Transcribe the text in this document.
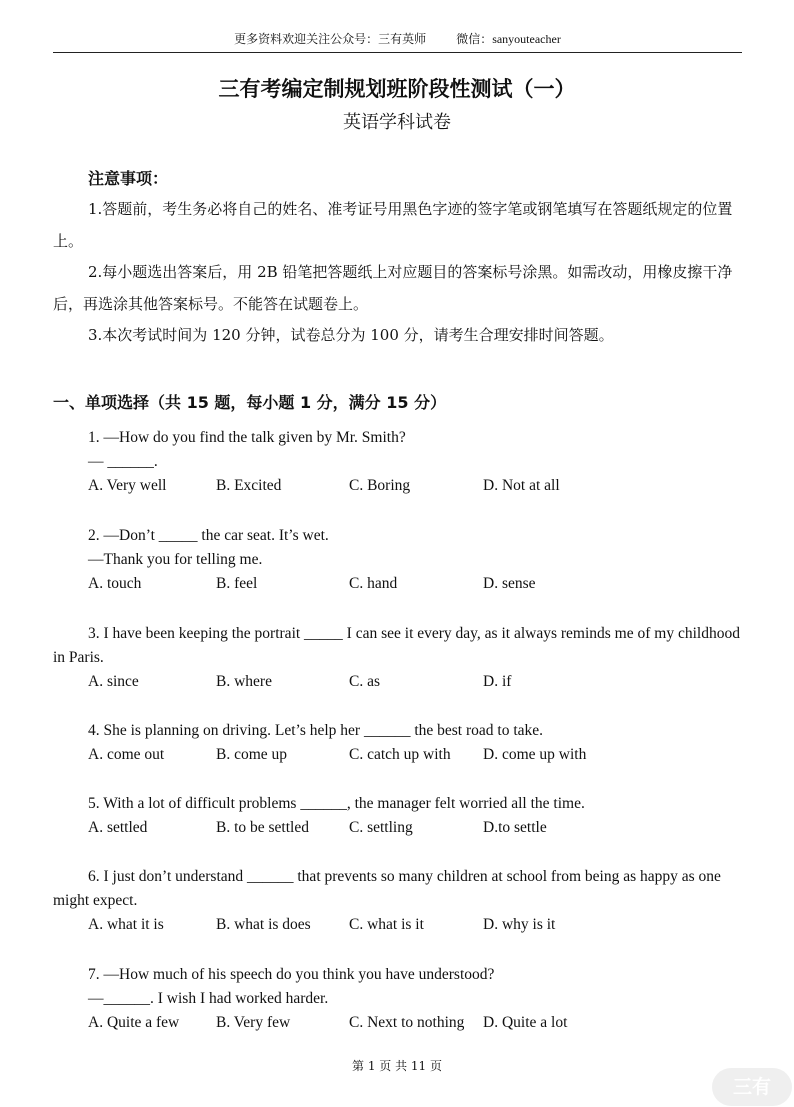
更多资料欢迎关注公众号：三有英师	微信：sanyouteacher
三有考编定制规划班阶段性测试（一）
英语学科试卷
注意事项：
1.答题前，考生务必将自己的姓名、准考证号用黑色字迹的签字笔或钢笔填写在答题纸规定的位置上。
2.每小题选出答案后，用 2B 铅笔把答题纸上对应题目的答案标号涂黑。如需改动，用橡皮擦干净后，再选涂其他答案标号。不能答在试题卷上。
3.本次考试时间为 120 分钟，试卷总分为 100 分，请考生合理安排时间答题。
一、单项选择（共 15 题，每小题 1 分，满分 15 分）
1. —How do you find the talk given by Mr. Smith?
— ______.
A. Very well	B. Excited	C. Boring	D. Not at all
2. —Don’t _____ the car seat. It’s wet.
—Thank you for telling me.
A. touch	B. feel	C. hand	D. sense
3. I have been keeping the portrait _____ I can see it every day, as it always reminds me of my childhood in Paris.
A. since	B. where	C. as	D. if
4. She is planning on driving. Let’s help her ______ the best road to take.
A. come out	B. come up	C. catch up with D. come up with
5. With a lot of difficult problems ______, the manager felt worried all the time.
A. settled	B. to be settled	C. settling	D.to settle
6. I just don’t understand ______ that prevents so many children at school from being as happy as one might expect.
A. what it is	B. what is does C. what is it	D. why is it
7. —How much of his speech do you think you have understood?
—______. I wish I had worked harder.
A. Quite a few B. Very few	C. Next to nothing D. Quite a lot
第 1 页 共 11 页
三有
